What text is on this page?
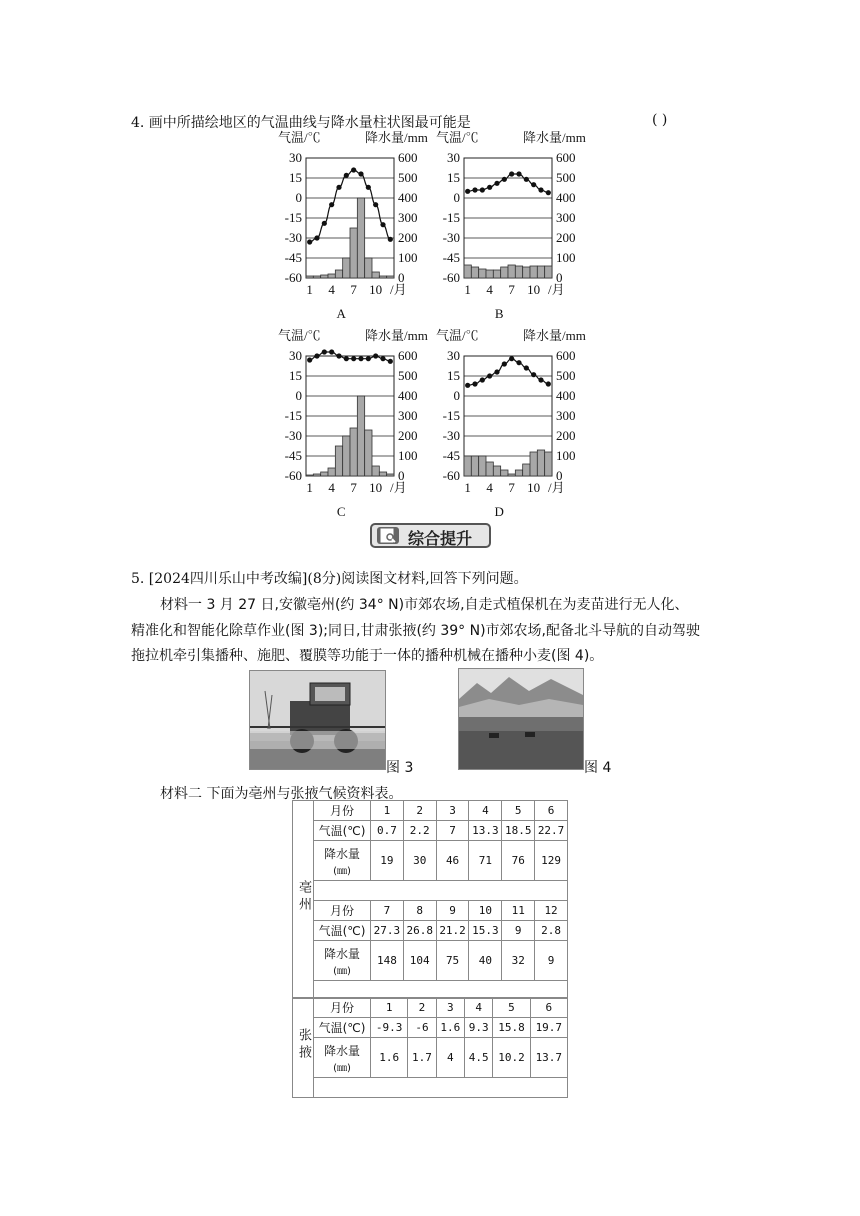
4. 画中所描绘地区的气温曲线与降水量柱状图最可能是	( )
气温/℃	降水量/mm
30
15
0
-15
-30
-45
-60
600
500
400
300
200
100
0
1 4 7 10 /月
A
气温/℃	降水量/mm
30
15
0
-15
-30
-45
-60
600
500
400
300
200
100
0
1 4 7 10 /月
B
气温/℃	降水量/mm
30
15
0
-15
-30
-45
-60
600
500
400
300
200
100
0
1 4 7 10 /月
C
气温/℃	降水量/mm
30
15
0
-15
-30
-45
-60
600
500
400
300
200
100
0
1 4 7 10 /月
D
综合提升
5. [2024四川乐山中考改编](8分)阅读图文材料,回答下列问题。
材料一 3 月 27 日,安徽亳州(约 34° N)市郊农场,自走式植保机在为麦苗进行无人化、
精准化和智能化除草作业(图 3);同日,甘肃张掖(约 39° N)市郊农场,配备北斗导航的自动驾驶
拖拉机牵引集播种、施肥、覆膜等功能于一体的播种机械在播种小麦(图 4)。
图 3	图 4
材料二 下面为亳州与张掖气候资料表。
亳州	月份	1	2	3	4	5	6
	气温(℃)	0.7	2.2	7	13.3	18.5	22.7
	降水量
(㎜)	19	30	46	71	76	129

	月份	7	8	9	10	11	12
	气温(℃)	27.3	26.8	21.2	15.3	9	2.8
	降水量
(㎜)	148	104	75	40	32	9

张掖	月份	1	2	3	4	5	6
	气温(℃)	-9.3	-6	1.6	9.3	15.8	19.7
	降水量
(㎜)	1.6	1.7	4	4.5	10.2	13.7
